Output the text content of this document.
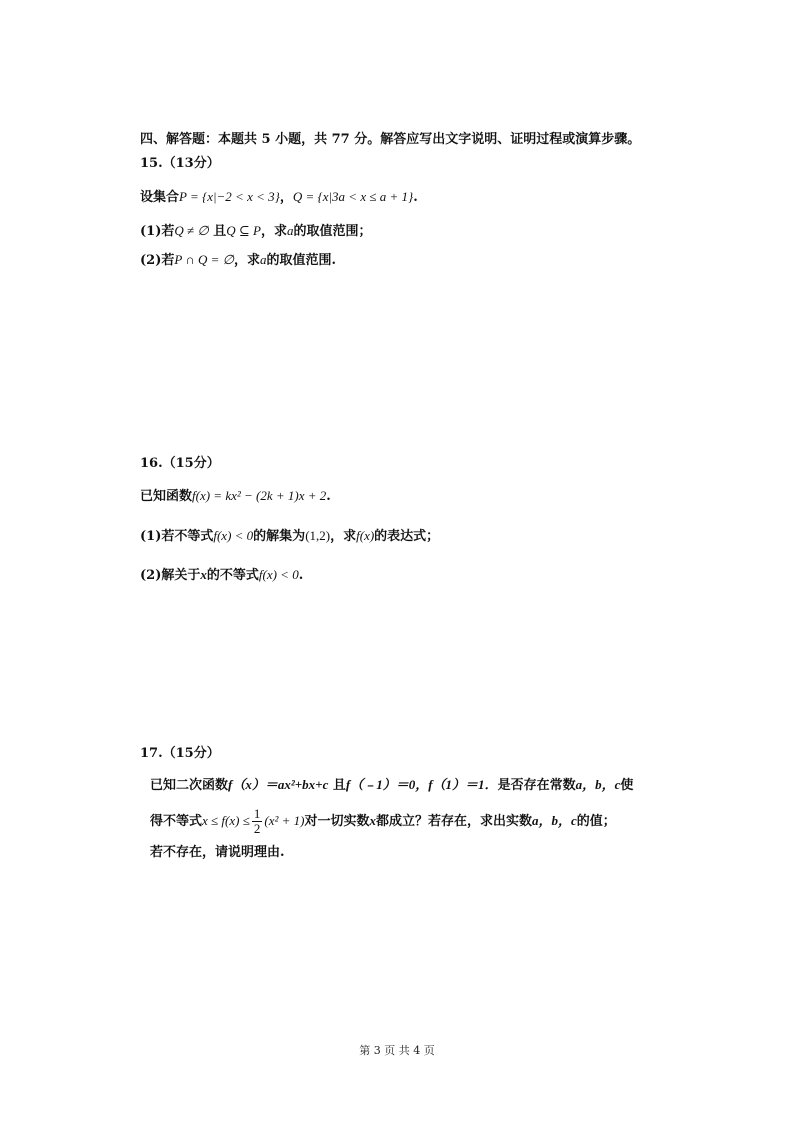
四、解答题：本题共 5 小题，共 77 分。解答应写出文字说明、证明过程或演算步骤。
15.（13分）
设集合P = {x|−2 < x < 3}，Q = {x|3a < x ≤ a + 1}.
(1)若Q ≠ ∅ 且Q ⊆ P，求a的取值范围；
(2)若P ∩ Q = ∅，求a的取值范围.
16.（15分）
已知函数f(x) = kx² − (2k + 1)x + 2.
(1)若不等式f(x) < 0的解集为(1,2)，求f(x)的表达式；
(2)解关于x的不等式f(x) < 0.
17.（15分）
已知二次函数f（x）＝ax²+bx+c 且f（﹣1）＝0，f（1）＝1．是否存在常数a，b，c使
得不等式$x \le f(x) \le \frac{1}{2} (x^2 + 1)$对一切实数x都成立？若存在，求出实数a，b，c的值；
若不存在，请说明理由.
第 3 页 共 4 页
